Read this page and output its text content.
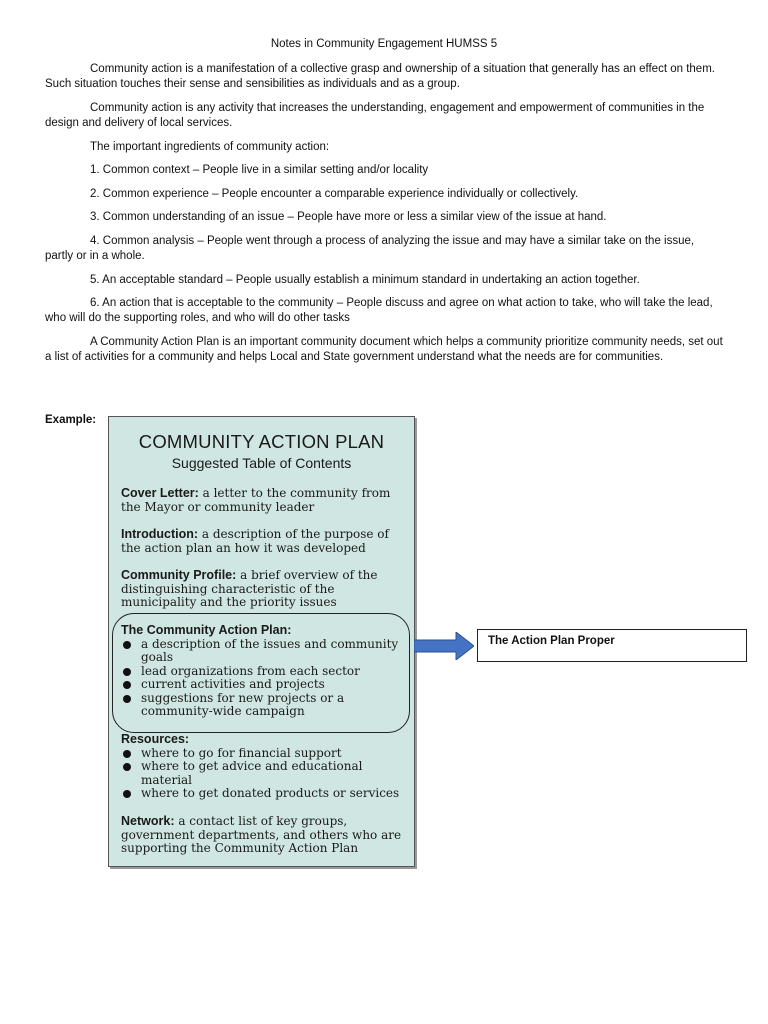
Notes in Community Engagement HUMSS 5

Community action is a manifestation of a collective grasp and ownership of a situation that generally has an effect on them. Such situation touches their sense and sensibilities as individuals and as a group.

Community action is any activity that increases the understanding, engagement and empowerment of communities in the design and delivery of local services.

The important ingredients of community action:

1. Common context – People live in a similar setting and/or locality

2. Common experience – People encounter a comparable experience individually or collectively.

3. Common understanding of an issue – People have more or less a similar view of the issue at hand.

4. Common analysis – People went through a process of analyzing the issue and may have a similar take on the issue, partly or in a whole.

5. An acceptable standard – People usually establish a minimum standard in undertaking an action together.

6. An action that is acceptable to the community – People discuss and agree on what action to take, who will take the lead, who will do the supporting roles, and who will do other tasks

A Community Action Plan is an important community document which helps a community prioritize community needs, set out a list of activities for a community and helps Local and State government understand what the needs are for communities.

Example:
COMMUNITY ACTION PLAN
Suggested Table of Contents
Cover Letter: a letter to the community from the Mayor or community leader
Introduction: a description of the purpose of the action plan an how it was developed
Community Profile: a brief overview of the distinguishing characteristic of the municipality and the priority issues
The Community Action Plan:
a description of the issues and community goals
lead organizations from each sector
current activities and projects
suggestions for new projects or a community-wide campaign
Resources:
where to go for financial support
where to get advice and educational material
where to get donated products or services
Network: a contact list of key groups, government departments, and others who are supporting the Community Action Plan
The Action Plan Proper
